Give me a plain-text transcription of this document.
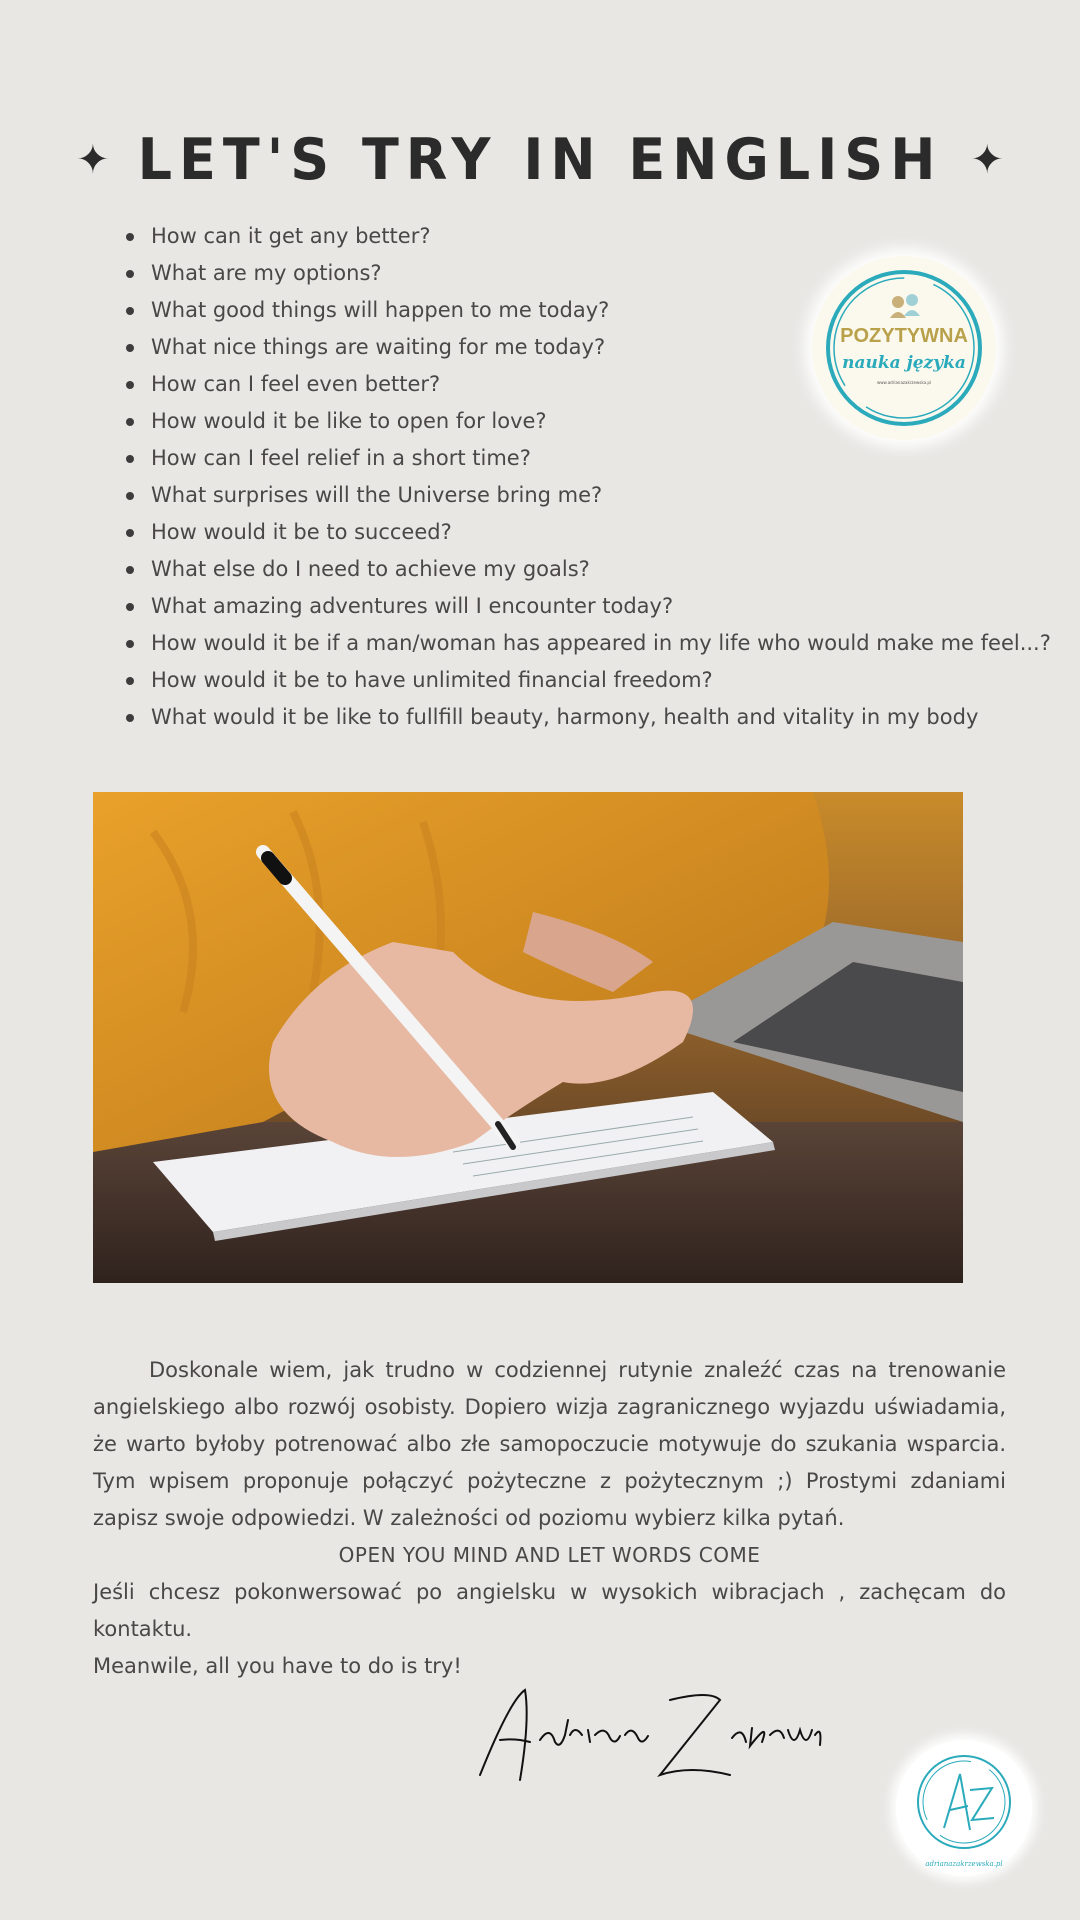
✦ LET'S TRY IN ENGLISH ✦
How can it get any better?
What are my options?
What good things will happen to me today?
What nice things are waiting for me today?
How can I feel even better?
How would it be like to open for love?
How can I feel relief in a short time?
What surprises will the Universe bring me?
How would it be to succeed?
What else do I need to achieve my goals?
What amazing adventures will I encounter today?
How would it be if a man/woman has appeared in my life who would make me feel...?
How would it be to have unlimited financial freedom?
What would it be like to fullfill beauty, harmony, health and vitality in my body
POZYTYWNA
nauka języka
www.adrianazakrzewska.pl

Doskonale wiem, jak trudno w codziennej rutynie znaleźć czas na trenowanie angielskiego albo rozwój osobisty. Dopiero wizja zagranicznego wyjazdu uświadamia, że warto byłoby potrenować albo złe samopoczucie motywuje do szukania wsparcia. Tym wpisem proponuje połączyć pożyteczne z pożytecznym ;) Prostymi zdaniami zapisz swoje odpowiedzi. W zależności od poziomu wybierz kilka pytań.

OPEN YOU MIND AND LET WORDS COME

Jeśli chcesz pokonwersować po angielsku w wysokich wibracjach , zachęcam do kontaktu.

Meanwile, all you have to do is try!

adrianazakrzewska.pl
